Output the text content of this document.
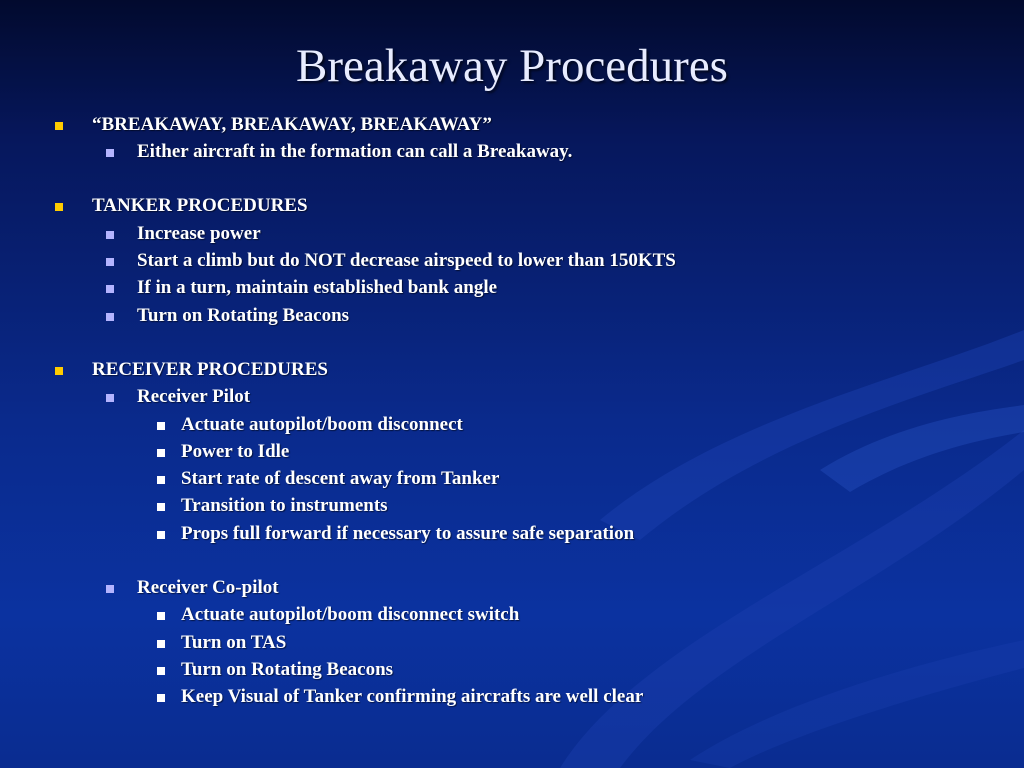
Breakaway Procedures
“BREAKAWAY, BREAKAWAY, BREAKAWAY”
Either aircraft in the formation can call a Breakaway.
TANKER PROCEDURES
Increase power
Start a climb but do NOT decrease airspeed to lower than 150KTS
If in a turn, maintain established bank angle
Turn on Rotating Beacons
RECEIVER PROCEDURES
Receiver Pilot
Actuate autopilot/boom disconnect
Power to Idle
Start rate of descent away from Tanker
Transition to instruments
Props full forward if necessary to assure safe separation
Receiver Co-pilot
Actuate autopilot/boom disconnect switch
Turn on TAS
Turn on Rotating Beacons
Keep Visual of Tanker confirming aircrafts are well clear
